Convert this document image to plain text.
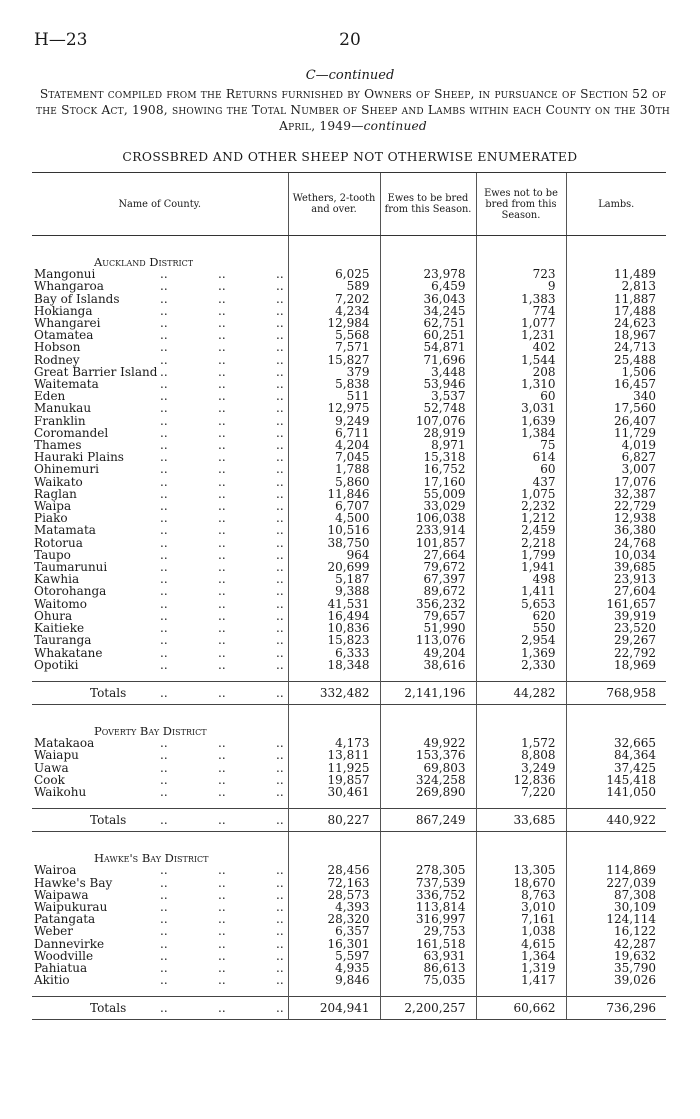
H—23	20
C—continued
Statement compiled from the Returns furnished by Owners of Sheep, in pursuance of Section 52 of the Stock Act, 1908, showing the Total Number of Sheep and Lambs within each County on the 30th April, 1949—continued
CROSSBRED AND OTHER SHEEP NOT OTHERWISE ENUMERATED
Name of County.	Wethers, 2-tooth and over.	Ewes to be bred from this Season.	Ewes not to be bred from this Season.	Lambs.

Auckland District				
Mangonui .. .. ..	6,025	23,978	723	11,489
Whangaroa .. .. ..	589	6,459	9	2,813
Bay of Islands .. .. ..	7,202	36,043	1,383	11,887
Hokianga .. .. ..	4,234	34,245	774	17,488
Whangarei .. .. ..	12,984	62,751	1,077	24,623
Otamatea .. .. ..	5,568	60,251	1,231	18,967
Hobson .. .. ..	7,571	54,871	402	24,713
Rodney .. .. ..	15,827	71,696	1,544	25,488
Great Barrier Island .. .. ..	379	3,448	208	1,506
Waitemata .. .. ..	5,838	53,946	1,310	16,457
Eden .. .. ..	511	3,537	60	340
Manukau .. .. ..	12,975	52,748	3,031	17,560
Franklin .. .. ..	9,249	107,076	1,639	26,407
Coromandel .. .. ..	6,711	28,919	1,384	11,729
Thames .. .. ..	4,204	8,971	75	4,019
Hauraki Plains .. .. ..	7,045	15,318	614	6,827
Ohinemuri .. .. ..	1,788	16,752	60	3,007
Waikato .. .. ..	5,860	17,160	437	17,076
Raglan .. .. ..	11,846	55,009	1,075	32,387
Waipa .. .. ..	6,707	33,029	2,232	22,729
Piako .. .. ..	4,500	106,038	1,212	12,938
Matamata .. .. ..	10,516	233,914	2,459	36,380
Rotorua .. .. ..	38,750	101,857	2,218	24,768
Taupo .. .. ..	964	27,664	1,799	10,034
Taumarunui .. .. ..	20,699	79,672	1,941	39,685
Kawhia .. .. ..	5,187	67,397	498	23,913
Otorohanga .. .. ..	9,388	89,672	1,411	27,604
Waitomo .. .. ..	41,531	356,232	5,653	161,657
Ohura .. .. ..	16,494	79,657	620	39,919
Kaitieke .. .. ..	10,836	51,990	550	23,520
Tauranga .. .. ..	15,823	113,076	2,954	29,267
Whakatane .. .. ..	6,333	49,204	1,369	22,792
Opotiki .. .. ..	18,348	38,616	2,330	18,969

Totals .. .. ..	332,482	2,141,196	44,282	768,958

Poverty Bay District				
Matakaoa .. .. ..	4,173	49,922	1,572	32,665
Waiapu .. .. ..	13,811	153,376	8,808	84,364
Uawa .. .. ..	11,925	69,803	3,249	37,425
Cook .. .. ..	19,857	324,258	12,836	145,418
Waikohu .. .. ..	30,461	269,890	7,220	141,050

Totals .. .. ..	80,227	867,249	33,685	440,922

Hawke's Bay District				
Wairoa .. .. ..	28,456	278,305	13,305	114,869
Hawke's Bay .. .. ..	72,163	737,539	18,670	227,039
Waipawa .. .. ..	28,573	336,752	8,763	87,308
Waipukurau .. .. ..	4,393	113,814	3,010	30,109
Patangata .. .. ..	28,320	316,997	7,161	124,114
Weber .. .. ..	6,357	29,753	1,038	16,122
Dannevirke .. .. ..	16,301	161,518	4,615	42,287
Woodville .. .. ..	5,597	63,931	1,364	19,632
Pahiatua .. .. ..	4,935	86,613	1,319	35,790
Akitio .. .. ..	9,846	75,035	1,417	39,026

Totals .. .. ..	204,941	2,200,257	60,662	736,296
